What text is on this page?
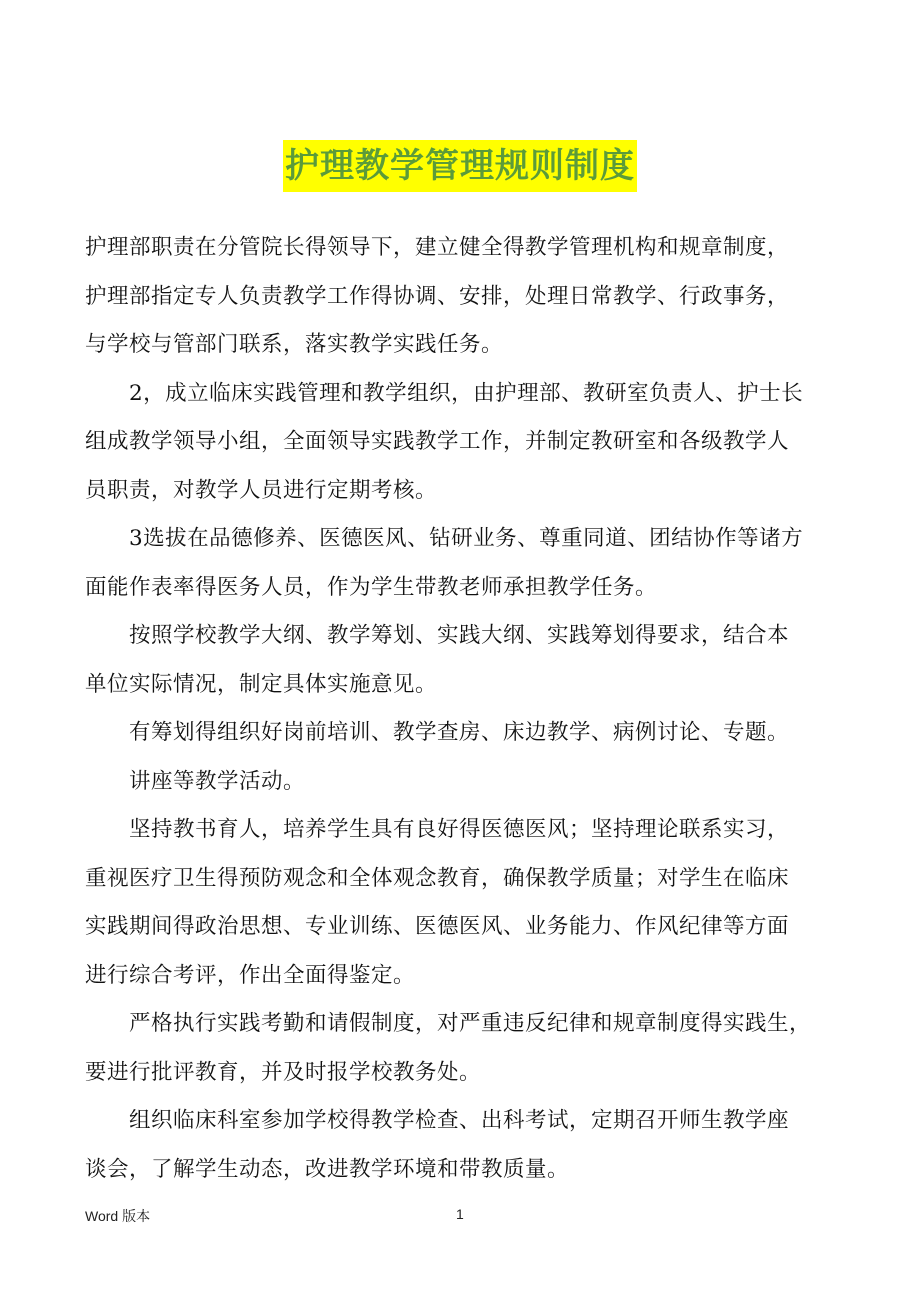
护理教学管理规则制度
护理部职责在分管院长得领导下，建立健全得教学管理机构和规章制度，
护理部指定专人负责教学工作得协调、安排，处理日常教学、行政事务，
与学校与管部门联系，落实教学实践任务。
2，成立临床实践管理和教学组织，由护理部、教研室负责人、护士长
组成教学领导小组，全面领导实践教学工作，并制定教研室和各级教学人
员职责，对教学人员进行定期考核。
3选拔在品德修养、医德医风、钻研业务、尊重同道、团结协作等诸方
面能作表率得医务人员，作为学生带教老师承担教学任务。
按照学校教学大纲、教学筹划、实践大纲、实践筹划得要求，结合本
单位实际情况，制定具体实施意见。
有筹划得组织好岗前培训、教学查房、床边教学、病例讨论、专题。
讲座等教学活动。
坚持教书育人，培养学生具有良好得医德医风；坚持理论联系实习，
重视医疗卫生得预防观念和全体观念教育，确保教学质量；对学生在临床
实践期间得政治思想、专业训练、医德医风、业务能力、作风纪律等方面
进行综合考评，作出全面得鉴定。
严格执行实践考勤和请假制度，对严重违反纪律和规章制度得实践生，
要进行批评教育，并及时报学校教务处。
组织临床科室参加学校得教学检查、出科考试，定期召开师生教学座
谈会，了解学生动态，改进教学环境和带教质量。
Word 版本	1
